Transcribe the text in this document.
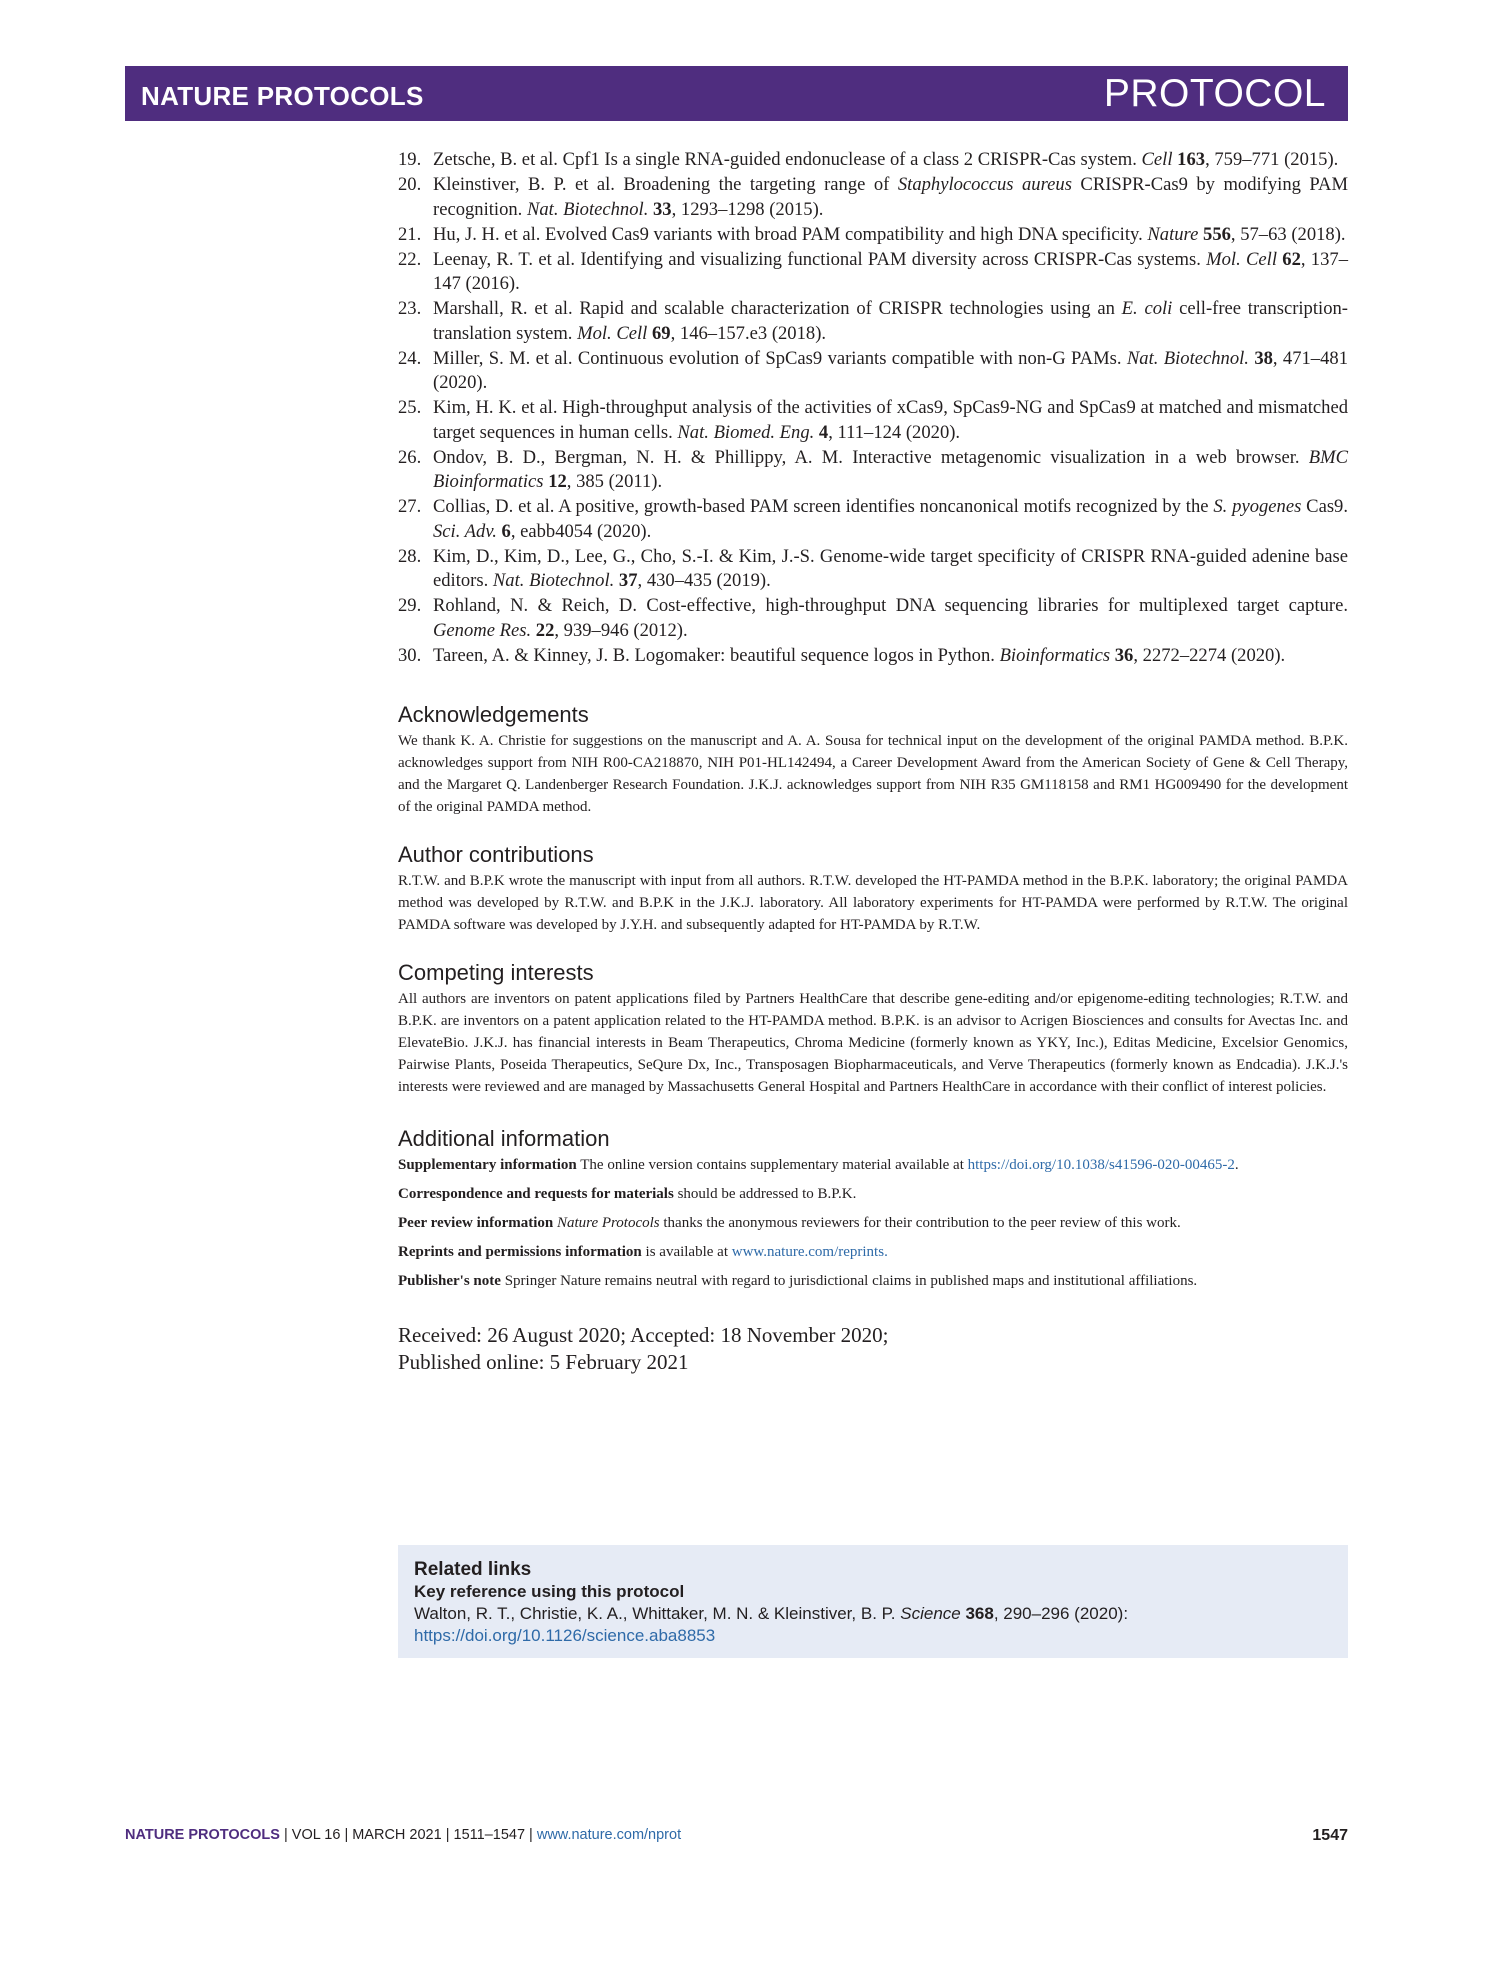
NATURE PROTOCOLS	PROTOCOL
19. Zetsche, B. et al. Cpf1 Is a single RNA-guided endonuclease of a class 2 CRISPR-Cas system. Cell 163, 759–771 (2015).
20. Kleinstiver, B. P. et al. Broadening the targeting range of Staphylococcus aureus CRISPR-Cas9 by modifying PAM recognition. Nat. Biotechnol. 33, 1293–1298 (2015).
21. Hu, J. H. et al. Evolved Cas9 variants with broad PAM compatibility and high DNA specificity. Nature 556, 57–63 (2018).
22. Leenay, R. T. et al. Identifying and visualizing functional PAM diversity across CRISPR-Cas systems. Mol. Cell 62, 137–147 (2016).
23. Marshall, R. et al. Rapid and scalable characterization of CRISPR technologies using an E. coli cell-free transcription-translation system. Mol. Cell 69, 146–157.e3 (2018).
24. Miller, S. M. et al. Continuous evolution of SpCas9 variants compatible with non-G PAMs. Nat. Biotechnol. 38, 471–481 (2020).
25. Kim, H. K. et al. High-throughput analysis of the activities of xCas9, SpCas9-NG and SpCas9 at matched and mismatched target sequences in human cells. Nat. Biomed. Eng. 4, 111–124 (2020).
26. Ondov, B. D., Bergman, N. H. & Phillippy, A. M. Interactive metagenomic visualization in a web browser. BMC Bioinformatics 12, 385 (2011).
27. Collias, D. et al. A positive, growth-based PAM screen identifies noncanonical motifs recognized by the S. pyogenes Cas9. Sci. Adv. 6, eabb4054 (2020).
28. Kim, D., Kim, D., Lee, G., Cho, S.-I. & Kim, J.-S. Genome-wide target specificity of CRISPR RNA-guided adenine base editors. Nat. Biotechnol. 37, 430–435 (2019).
29. Rohland, N. & Reich, D. Cost-effective, high-throughput DNA sequencing libraries for multiplexed target capture. Genome Res. 22, 939–946 (2012).
30. Tareen, A. & Kinney, J. B. Logomaker: beautiful sequence logos in Python. Bioinformatics 36, 2272–2274 (2020).
Acknowledgements

We thank K. A. Christie for suggestions on the manuscript and A. A. Sousa for technical input on the development of the original PAMDA method. B.P.K. acknowledges support from NIH R00-CA218870, NIH P01-HL142494, a Career Development Award from the American Society of Gene & Cell Therapy, and the Margaret Q. Landenberger Research Foundation. J.K.J. acknowledges support from NIH R35 GM118158 and RM1 HG009490 for the development of the original PAMDA method.

Author contributions

R.T.W. and B.P.K wrote the manuscript with input from all authors. R.T.W. developed the HT-PAMDA method in the B.P.K. laboratory; the original PAMDA method was developed by R.T.W. and B.P.K in the J.K.J. laboratory. All laboratory experiments for HT-PAMDA were performed by R.T.W. The original PAMDA software was developed by J.Y.H. and subsequently adapted for HT-PAMDA by R.T.W.

Competing interests

All authors are inventors on patent applications filed by Partners HealthCare that describe gene-editing and/or epigenome-editing technologies; R.T.W. and B.P.K. are inventors on a patent application related to the HT-PAMDA method. B.P.K. is an advisor to Acrigen Biosciences and consults for Avectas Inc. and ElevateBio. J.K.J. has financial interests in Beam Therapeutics, Chroma Medicine (formerly known as YKY, Inc.), Editas Medicine, Excelsior Genomics, Pairwise Plants, Poseida Therapeutics, SeQure Dx, Inc., Transposagen Biopharmaceuticals, and Verve Therapeutics (formerly known as Endcadia). J.K.J.'s interests were reviewed and are managed by Massachusetts General Hospital and Partners HealthCare in accordance with their conflict of interest policies.

Additional information

Supplementary information The online version contains supplementary material available at https://doi.org/10.1038/s41596-020-00465-2.

Correspondence and requests for materials should be addressed to B.P.K.

Peer review information Nature Protocols thanks the anonymous reviewers for their contribution to the peer review of this work.

Reprints and permissions information is available at www.nature.com/reprints.

Publisher's note Springer Nature remains neutral with regard to jurisdictional claims in published maps and institutional affiliations.

Received: 26 August 2020; Accepted: 18 November 2020;
Published online: 5 February 2021
Related links
Key reference using this protocol
Walton, R. T., Christie, K. A., Whittaker, M. N. & Kleinstiver, B. P. Science 368, 290–296 (2020): https://doi.org/10.1126/science.aba8853
NATURE PROTOCOLS | VOL 16 | MARCH 2021 | 1511–1547 | www.nature.com/nprot	1547
